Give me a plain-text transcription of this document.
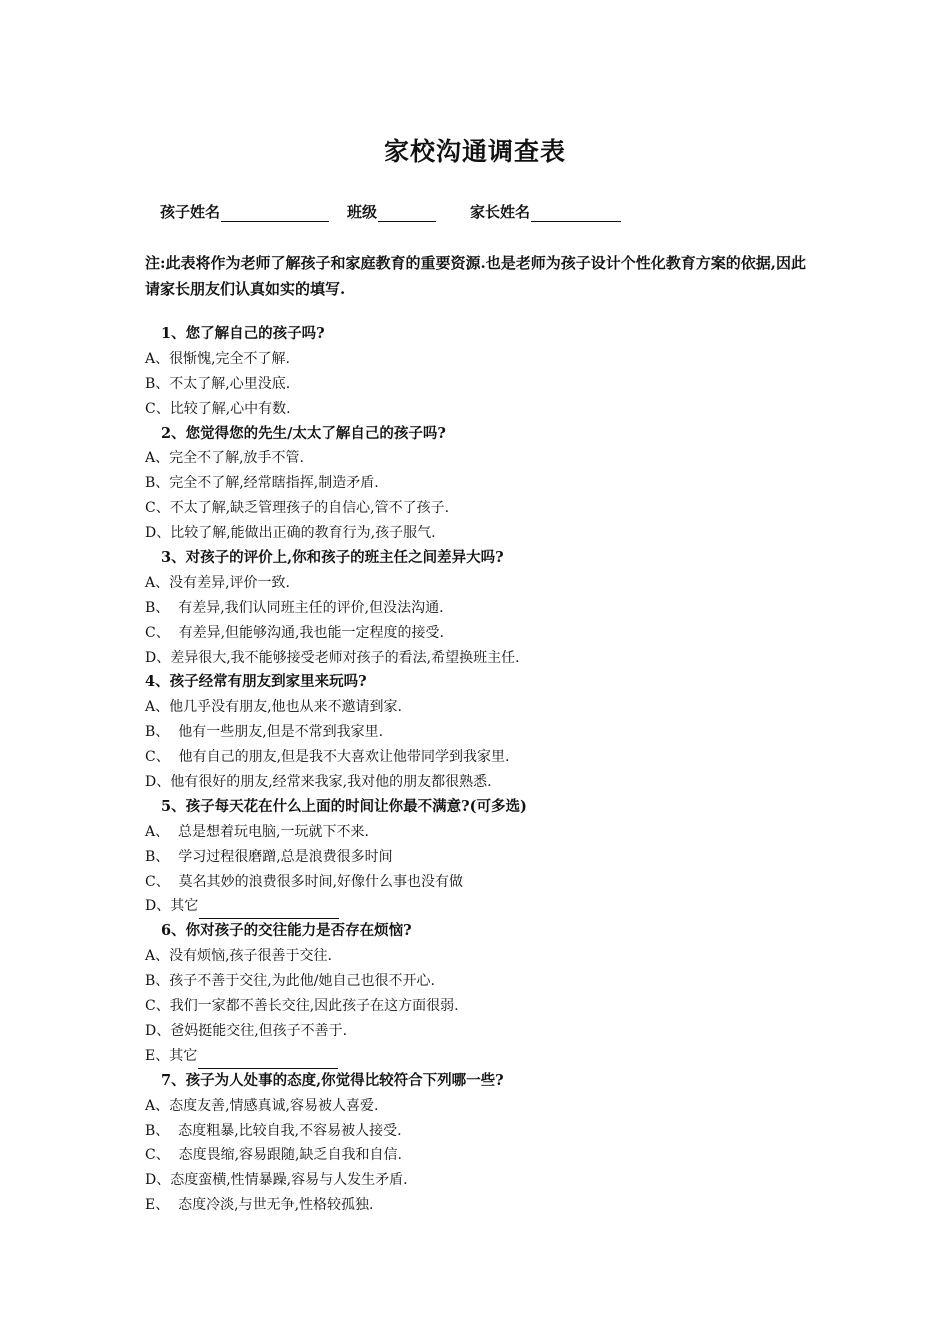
家校沟通调查表
孩子姓名	班级	家长姓名

注:此表将作为老师了解孩子和家庭教育的重要资源.也是老师为孩子设计个性化教育方案的依据,因此请家长朋友们认真如实的填写.

1、您了解自己的孩子吗?
A、很惭愧,完全不了解.
B、不太了解,心里没底.
C、比较了解,心中有数.
2、您觉得您的先生/太太了解自己的孩子吗?
A、完全不了解,放手不管.
B、完全不了解,经常瞎指挥,制造矛盾.
C、不太了解,缺乏管理孩子的自信心,管不了孩子.
D、比较了解,能做出正确的教育行为,孩子服气.
3、对孩子的评价上,你和孩子的班主任之间差异大吗?
A、没有差异,评价一致.
B、  有差异,我们认同班主任的评价,但没法沟通.
C、  有差异,但能够沟通,我也能一定程度的接受.
D、差异很大,我不能够接受老师对孩子的看法,希望换班主任.
4、孩子经常有朋友到家里来玩吗?
A、他几乎没有朋友,他也从来不邀请到家.
B、  他有一些朋友,但是不常到我家里.
C、  他有自己的朋友,但是我不大喜欢让他带同学到我家里.
D、他有很好的朋友,经常来我家,我对他的朋友都很熟悉.
5、孩子每天花在什么上面的时间让你最不满意?(可多选)
A、  总是想着玩电脑,一玩就下不来.
B、  学习过程很磨蹭,总是浪费很多时间
C、  莫名其妙的浪费很多时间,好像什么事也没有做
D、其它
6、你对孩子的交往能力是否存在烦恼?
A、没有烦恼,孩子很善于交往.
B、孩子不善于交往,为此他/她自己也很不开心.
C、我们一家都不善长交往,因此孩子在这方面很弱.
D、爸妈挺能交往,但孩子不善于.
E、其它
7、孩子为人处事的态度,你觉得比较符合下列哪一些?
A、态度友善,情感真诚,容易被人喜爱.
B、  态度粗暴,比较自我,不容易被人接受.
C、  态度畏缩,容易跟随,缺乏自我和自信.
D、态度蛮横,性情暴躁,容易与人发生矛盾.
E、  态度冷淡,与世无争,性格较孤独.
